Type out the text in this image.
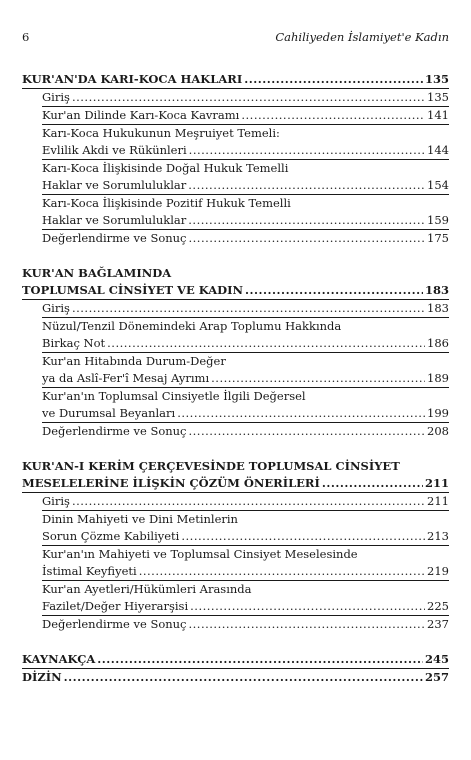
6	Cahiliyeden İslamiyet'e Kadın
KUR'AN'DA KARI-KOCA HAKLARI .....	135
Giriş .....	135
Kur'an Dilinde Karı-Koca Kavramı .....	141
Karı-Koca Hukukunun Meşruiyet Temeli:
Evlilik Akdi ve Rükünleri .....	144
Karı-Koca İlişkisinde Doğal Hukuk Temelli
Haklar ve Sorumluluklar .....	154
Karı-Koca İlişkisinde Pozitif Hukuk Temelli
Haklar ve Sorumluluklar .....	159
Değerlendirme ve Sonuç .....	175
KUR'AN BAĞLAMINDA
TOPLUMSAL CİNSİYET VE KADIN .....	183
Giriş .....	183
Nüzul/Tenzil Dönemindeki Arap Toplumu Hakkında
Birkaç Not .....	186
Kur'an Hitabında Durum-Değer
ya da Aslî-Fer'î Mesaj Ayrımı .....	189
Kur'an'ın Toplumsal Cinsiyetle İlgili Değersel
ve Durumsal Beyanları .....	199
Değerlendirme ve Sonuç .....	208
KUR'AN-I KERİM ÇERÇEVESİNDE TOPLUMSAL CİNSİYET
MESELELERİNE İLİŞKİN ÇÖZÜM ÖNERİLERİ .....	211
Giriş .....	211
Dinin Mahiyeti ve Dini Metinlerin
Sorun Çözme Kabiliyeti .....	213
Kur'an'ın Mahiyeti ve Toplumsal Cinsiyet Meselesinde
İstimal Keyfiyeti .....	219
Kur'an Ayetleri/Hükümleri Arasında
Fazilet/Değer Hiyerarşisi .....	225
Değerlendirme ve Sonuç .....	237
KAYNAKÇA .....	245
DİZİN .....	257
